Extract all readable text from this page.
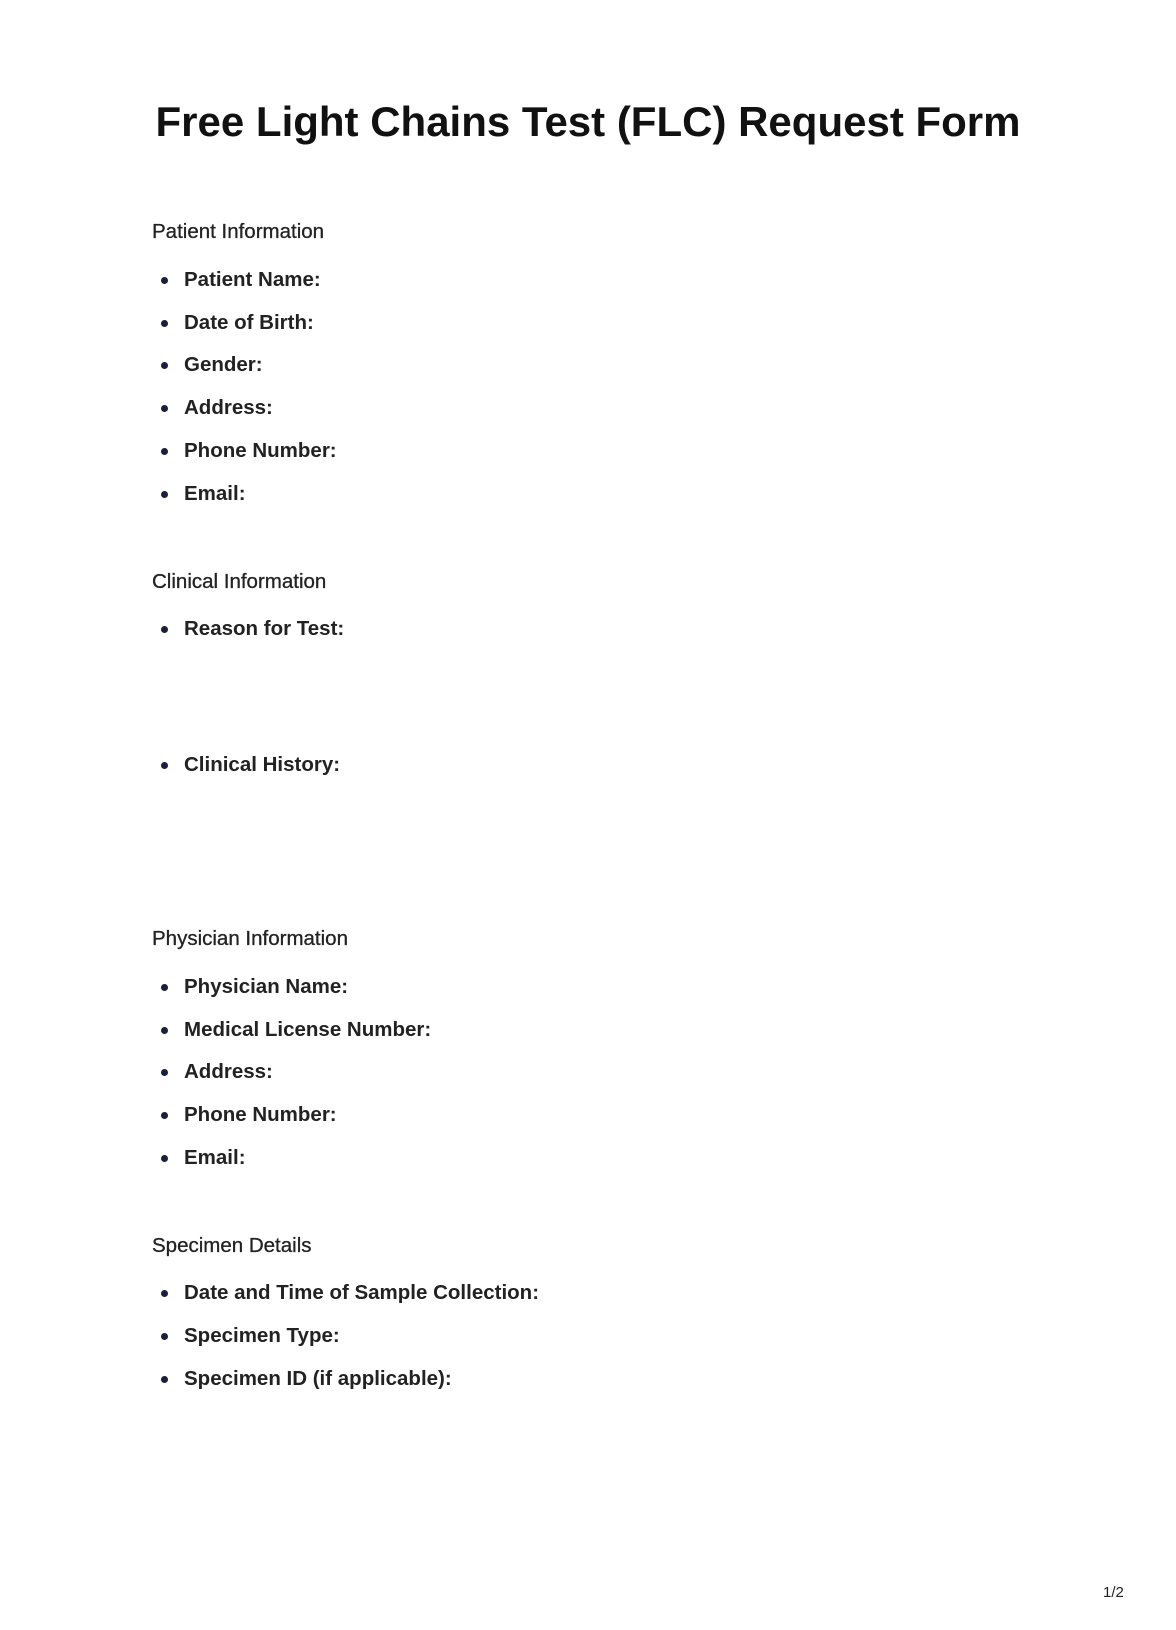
Free Light Chains Test (FLC) Request Form
Patient Information
Patient Name:
Date of Birth:
Gender:
Address:
Phone Number:
Email:
Clinical Information
Reason for Test:
Clinical History:
Physician Information
Physician Name:
Medical License Number:
Address:
Phone Number:
Email:
Specimen Details
Date and Time of Sample Collection:
Specimen Type:
Specimen ID (if applicable):
1/2
